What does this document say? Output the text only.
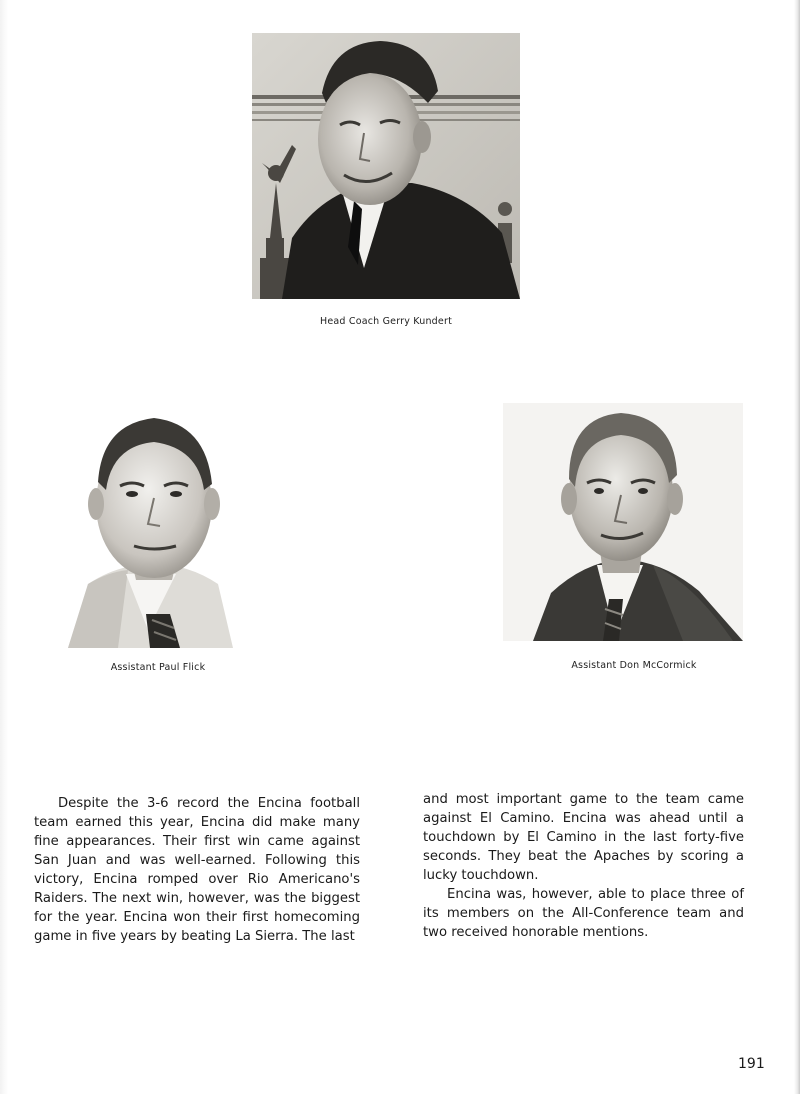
Head Coach Gerry Kundert
Assistant Paul Flick	Assistant Don McCormick

Despite the 3-6 record the Encina football team earned this year, Encina did make many fine appearances. Their first win came against San Juan and was well-earned. Following this victory, Encina romped over Rio Americano's Raiders. The next win, however, was the biggest for the year. Encina won their first homecoming game in five years by beating La Sierra. The last

and most important game to the team came against El Camino. Encina was ahead until a touchdown by El Camino in the last forty-five seconds. They beat the Apaches by scoring a lucky touchdown.

Encina was, however, able to place three of its members on the All-Conference team and two received honorable mentions.

191
